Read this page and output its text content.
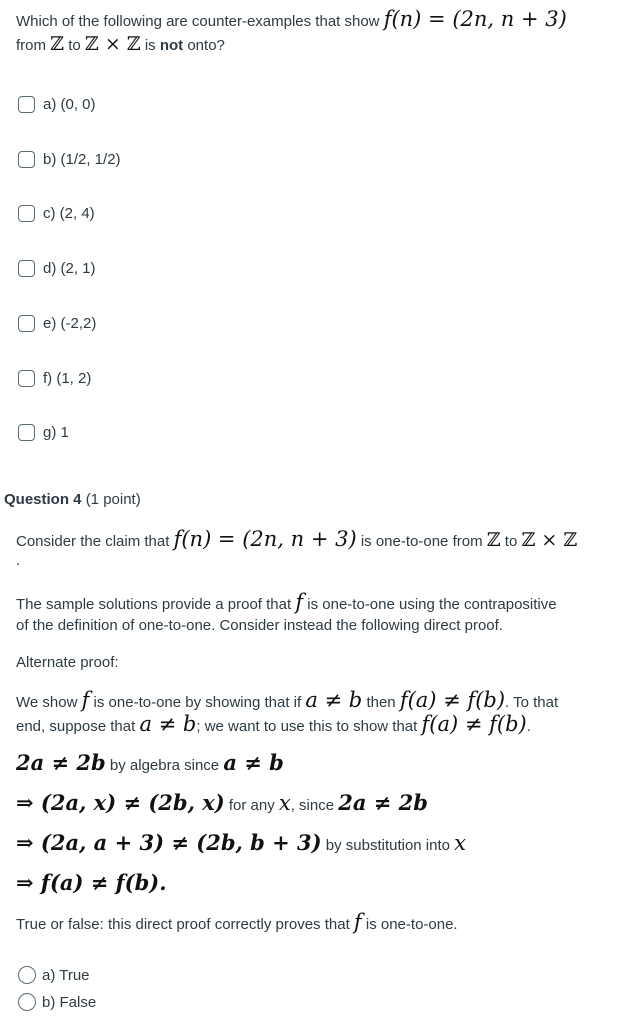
Which of the following are counter-examples that show f(n) = (2n, n + 3)
from ℤ to ℤ × ℤ is not onto?
a) (0, 0)
b) (1/2, 1/2)
c) (2, 4)
d) (2, 1)
e) (-2,2)
f) (1, 2)
g) 1
Question 4 (1 point)
Consider the claim that f(n) = (2n, n + 3) is one-to-one from ℤ to ℤ × ℤ
.
The sample solutions provide a proof that f is one-to-one using the contrapositive
of the definition of one-to-one. Consider instead the following direct proof.
Alternate proof:
We show f is one-to-one by showing that if a ≠ b then f(a) ≠ f(b). To that
end, suppose that a ≠ b; we want to use this to show that f(a) ≠ f(b).
2a ≠ 2b by algebra since a ≠ b
⇒ (2a, x) ≠ (2b, x) for any x, since 2a ≠ 2b
⇒ (2a, a + 3) ≠ (2b, b + 3) by substitution into x
⇒ f(a) ≠ f(b).
True or false: this direct proof correctly proves that f is one-to-one.
a) True
b) False
